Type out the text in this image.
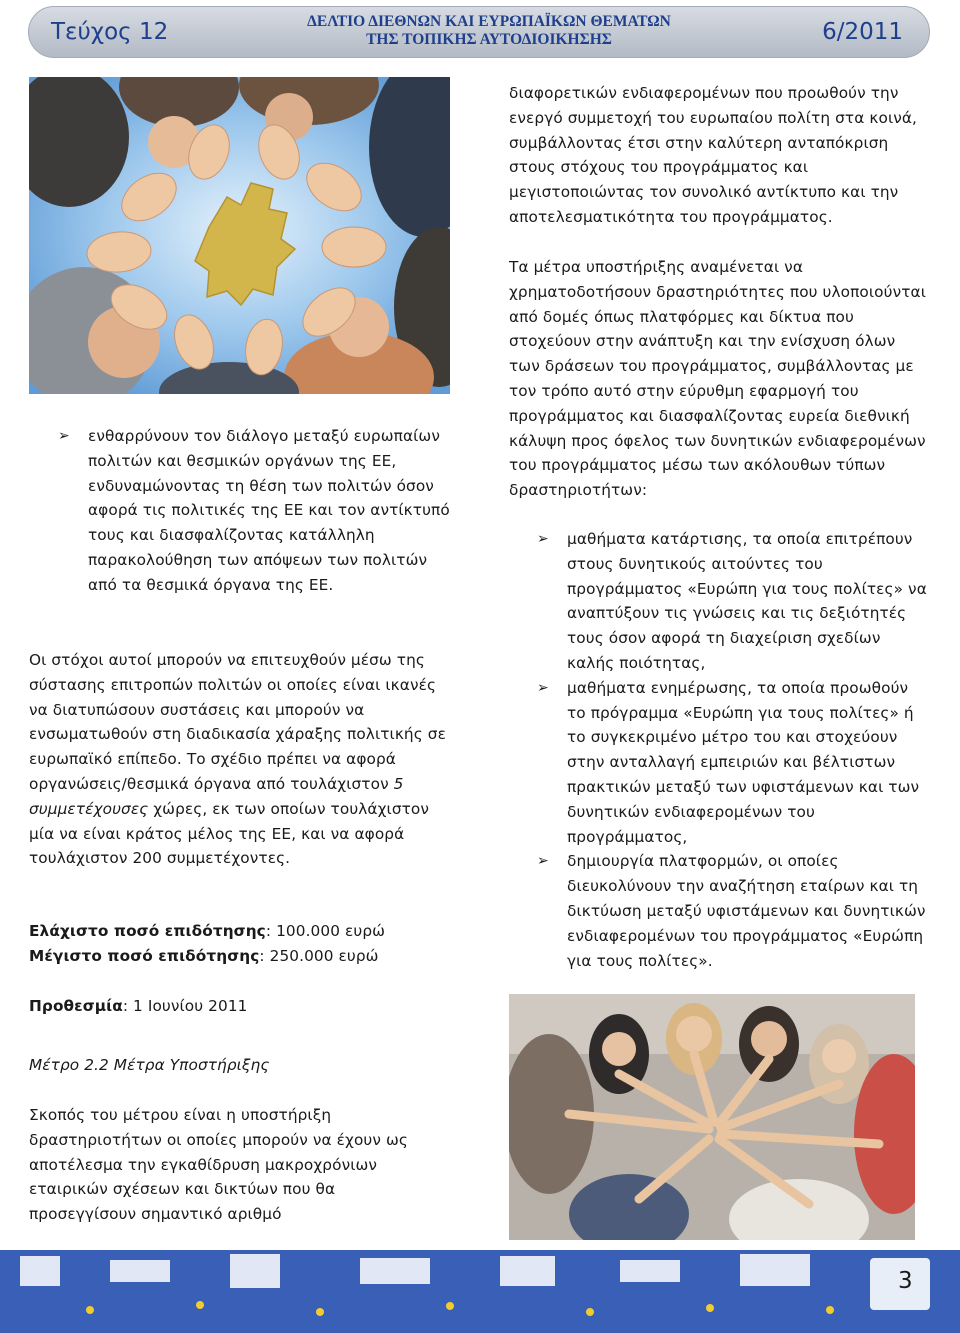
Τεύχος 12	ΔΕΛΤΙΟ ΔΙΕΘΝΩΝ ΚΑΙ ΕΥΡΩΠΑΪΚΩΝ ΘΕΜΑΤΩΝ
ΤΗΣ ΤΟΠΙΚΗΣ ΑΥΤΟΔΙΟΙΚΗΣΗΣ	6/2011
➢ ενθαρρύνουν τον διάλογο μεταξύ ευρωπαίων πολιτών και θεσμικών οργάνων της ΕΕ, ενδυναμώνοντας τη θέση των πολιτών όσον αφορά τις πολιτικές της ΕΕ και τον αντίκτυπό τους και διασφαλίζοντας κατάλληλη παρακολούθηση των απόψεων των πολιτών από τα θεσμικά όργανα της ΕΕ.
Οι στόχοι αυτοί μπορούν να επιτευχθούν μέσω της σύστασης επιτροπών πολιτών οι οποίες είναι ικανές να διατυπώσουν συστάσεις και μπορούν να ενσωματωθούν στη διαδικασία χάραξης πολιτικής σε ευρωπαϊκό επίπεδο. Το σχέδιο πρέπει να αφορά οργανώσεις/θεσμικά όργανα από τουλάχιστον 5 συμμετέχουσες χώρες, εκ των οποίων τουλάχιστον μία να είναι κράτος μέλος της ΕΕ, και να αφορά τουλάχιστον 200 συμμετέχοντες.
Ελάχιστο ποσό επιδότησης: 100.000 ευρώ
Μέγιστο ποσό επιδότησης: 250.000 ευρώ
Προθεσμία: 1 Ιουνίου 2011
Μέτρο 2.2 Μέτρα Υποστήριξης
Σκοπός του μέτρου είναι η υποστήριξη δραστηριοτήτων οι οποίες μπορούν να έχουν ως αποτέλεσμα την εγκαθίδρυση μακροχρόνιων εταιρικών σχέσεων και δικτύων που θα προσεγγίσουν σημαντικό αριθμό
διαφορετικών ενδιαφερομένων που προωθούν την ενεργό συμμετοχή του ευρωπαίου πολίτη στα κοινά, συμβάλλοντας έτσι στην καλύτερη ανταπόκριση στους στόχους του προγράμματος και μεγιστοποιώντας τον συνολικό αντίκτυπο και την αποτελεσματικότητα του προγράμματος.
Τα μέτρα υποστήριξης αναμένεται να χρηματοδοτήσουν δραστηριότητες που υλοποιούνται από δομές όπως πλατφόρμες και δίκτυα που στοχεύουν στην ανάπτυξη και την ενίσχυση όλων των δράσεων του προγράμματος, συμβάλλοντας με τον τρόπο αυτό στην εύρυθμη εφαρμογή του προγράμματος και διασφαλίζοντας ευρεία διεθνική κάλυψη προς όφελος των δυνητικών ενδιαφερομένων του προγράμματος μέσω των ακόλουθων τύπων δραστηριοτήτων:
➢ μαθήματα κατάρτισης, τα οποία επιτρέπουν στους δυνητικούς αιτούντες του προγράμματος «Ευρώπη για τους πολίτες» να αναπτύξουν τις γνώσεις και τις δεξιότητές τους όσον αφορά τη διαχείριση σχεδίων καλής ποιότητας,
➢ μαθήματα ενημέρωσης, τα οποία προωθούν το πρόγραμμα «Ευρώπη για τους πολίτες» ή το συγκεκριμένο μέτρο του και στοχεύουν στην ανταλλαγή εμπειριών και βέλτιστων πρακτικών μεταξύ των υφιστάμενων και των δυνητικών ενδιαφερομένων του προγράμματος,
➢ δημιουργία πλατφορμών, οι οποίες διευκολύνουν την αναζήτηση εταίρων και τη δικτύωση μεταξύ υφιστάμενων και δυνητικών ενδιαφερομένων του προγράμματος «Ευρώπη για τους πολίτες».
3
